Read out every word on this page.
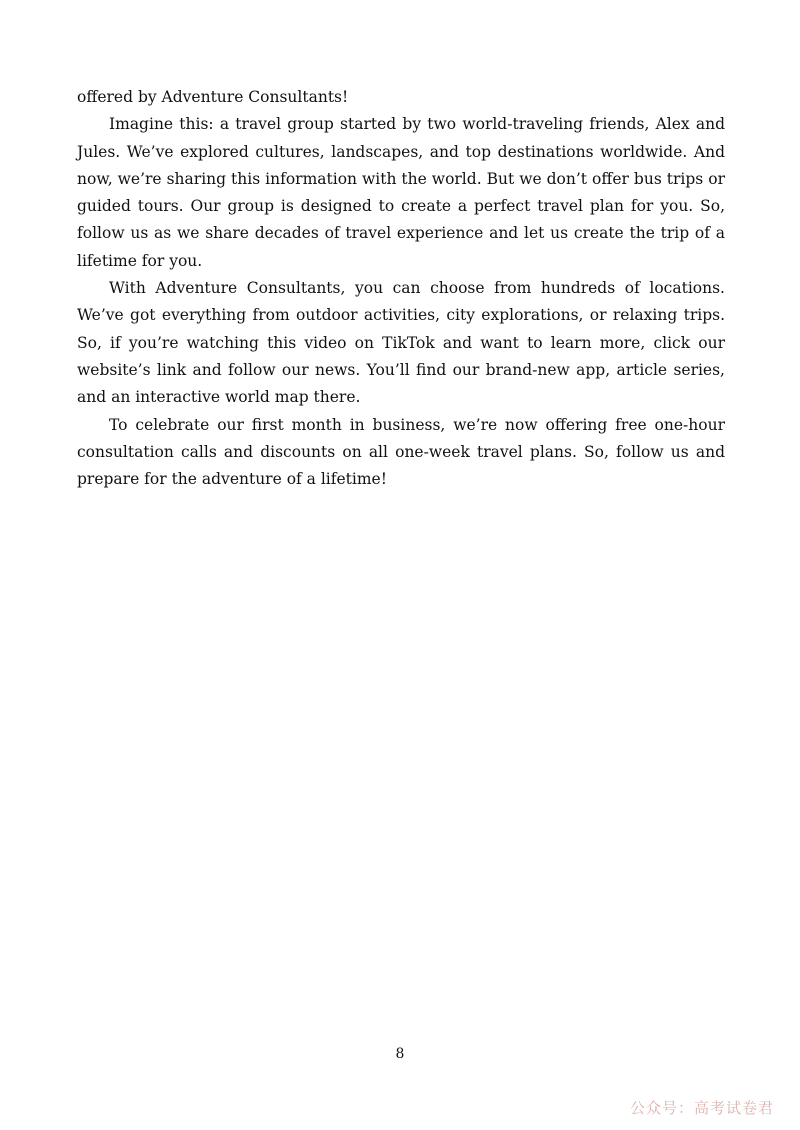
offered by Adventure Consultants!

Imagine this: a travel group started by two world-traveling friends, Alex and Jules. We’ve explored cultures, landscapes, and top destinations worldwide. And now, we’re sharing this information with the world. But we don’t offer bus trips or guided tours. Our group is designed to create a perfect travel plan for you. So, follow us as we share decades of travel experience and let us create the trip of a lifetime for you.

With Adventure Consultants, you can choose from hundreds of locations. We’ve got everything from outdoor activities, city explorations, or relaxing trips. So, if you’re watching this video on TikTok and want to learn more, click our website’s link and follow our news. You’ll find our brand-new app, article series, and an interactive world map there.

To celebrate our first month in business, we’re now offering free one-hour consultation calls and discounts on all one-week travel plans. So, follow us and prepare for the adventure of a lifetime!

8
公众号：高考试卷君
